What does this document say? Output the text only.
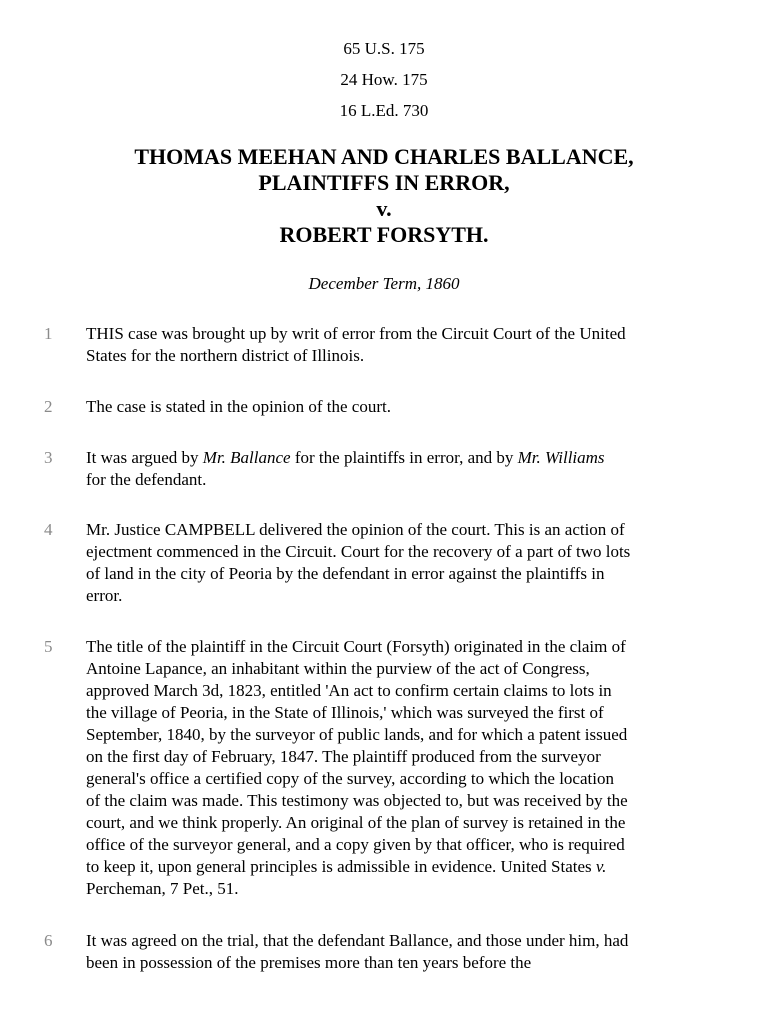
65 U.S. 175
24 How. 175
16 L.Ed. 730
THOMAS MEEHAN AND CHARLES BALLANCE,
PLAINTIFFS IN ERROR,
v.
ROBERT FORSYTH.
December Term, 1860
1	THIS case was brought up by writ of error from the Circuit Court of the United
States for the northern district of Illinois.
2	The case is stated in the opinion of the court.
3	It was argued by Mr. Ballance for the plaintiffs in error, and by Mr. Williams
for the defendant.
4	Mr. Justice CAMPBELL delivered the opinion of the court. This is an action of
ejectment commenced in the Circuit. Court for the recovery of a part of two lots
of land in the city of Peoria by the defendant in error against the plaintiffs in
error.
5	The title of the plaintiff in the Circuit Court (Forsyth) originated in the claim of
Antoine Lapance, an inhabitant within the purview of the act of Congress,
approved March 3d, 1823, entitled 'An act to confirm certain claims to lots in
the village of Peoria, in the State of Illinois,' which was surveyed the first of
September, 1840, by the surveyor of public lands, and for which a patent issued
on the first day of February, 1847. The plaintiff produced from the surveyor
general's office a certified copy of the survey, according to which the location
of the claim was made. This testimony was objected to, but was received by the
court, and we think properly. An original of the plan of survey is retained in the
office of the surveyor general, and a copy given by that officer, who is required
to keep it, upon general principles is admissible in evidence. United States v.
Percheman, 7 Pet., 51.
6	It was agreed on the trial, that the defendant Ballance, and those under him, had
been in possession of the premises more than ten years before the
